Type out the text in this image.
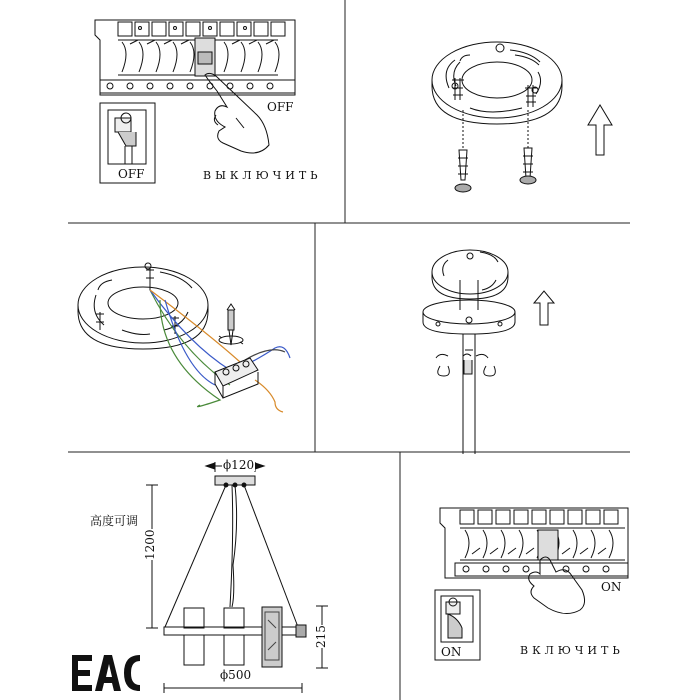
OFF
OFF	ВЫКЛЮЧИТЬ
ϕ120
高度可调
1200
215
ϕ500
ON
ON	ВКЛЮЧИТЬ
